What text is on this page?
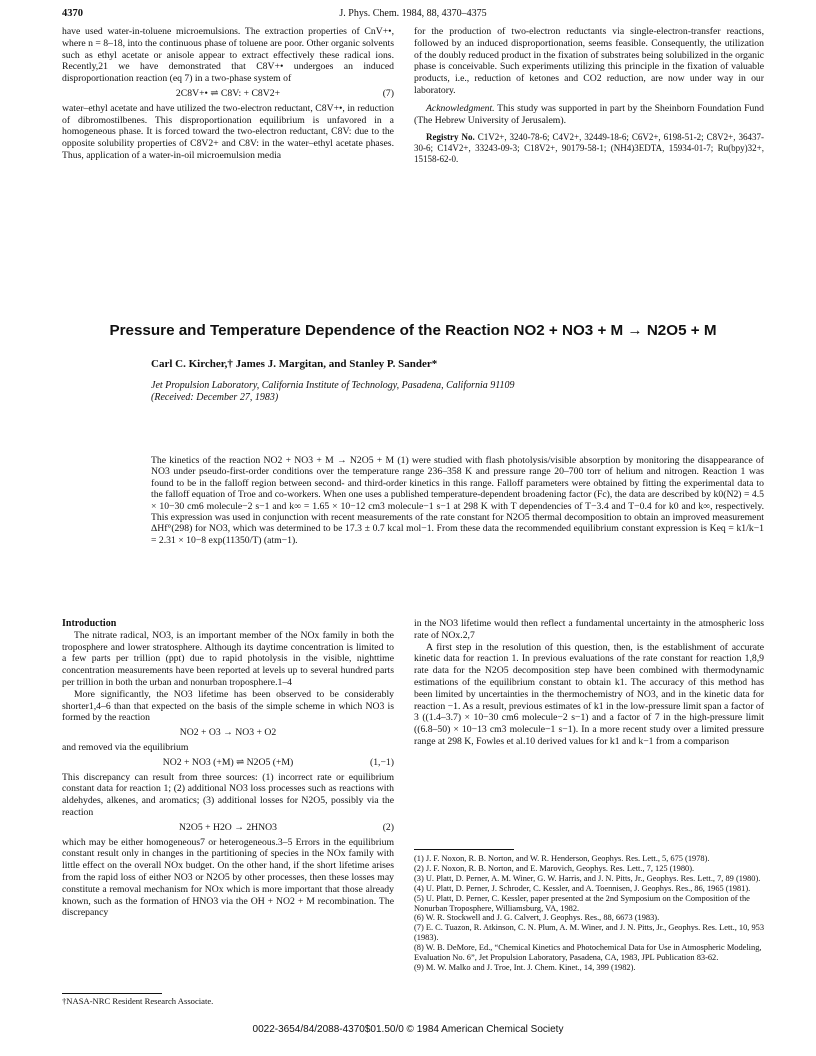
4370	J. Phys. Chem. 1984, 88, 4370–4375

have used water-in-toluene microemulsions. The extraction properties of CnV+•, where n = 8–18, into the continuous phase of toluene are poor. Other organic solvents such as ethyl acetate or anisole appear to extract effectively these radical ions. Recently,21 we have demonstrated that C8V+• undergoes an induced disproportionation reaction (eq 7) in a two-phase system of

2C8V+• ⇌ C8V: + C8V2+	(7)

water–ethyl acetate and have utilized the two-electron reductant, C8V+•, in reduction of dibromostilbenes. This disproportionation equilibrium is unfavored in a homogeneous phase. It is forced toward the two-electron reductant, C8V: due to the opposite solubility properties of C8V2+ and C8V: in the water–ethyl acetate phases. Thus, application of a water-in-oil microemulsion media

for the production of two-electron reductants via single-electron-transfer reactions, followed by an induced disproportionation, seems feasible. Consequently, the utilization of the doubly reduced product in the fixation of substrates being solubilized in the organic phase is conceivable. Such experiments utilizing this principle in the fixation of valuable products, i.e., reduction of ketones and CO2 reduction, are now under way in our laboratory.

Acknowledgment. This study was supported in part by the Sheinborn Foundation Fund (The Hebrew University of Jerusalem).

Registry No. C1V2+, 3240-78-6; C4V2+, 32449-18-6; C6V2+, 6198-51-2; C8V2+, 36437-30-6; C14V2+, 33243-09-3; C18V2+, 90179-58-1; (NH4)3EDTA, 15934-01-7; Ru(bpy)32+, 15158-62-0.

Pressure and Temperature Dependence of the Reaction NO2 + NO3 + M → N2O5 + M
Carl C. Kircher,† James J. Margitan, and Stanley P. Sander*
Jet Propulsion Laboratory, California Institute of Technology, Pasadena, California 91109
(Received: December 27, 1983)
The kinetics of the reaction NO2 + NO3 + M → N2O5 + M (1) were studied with flash photolysis/visible absorption by monitoring the disappearance of NO3 under pseudo-first-order conditions over the temperature range 236–358 K and pressure range 20–700 torr of helium and nitrogen. Reaction 1 was found to be in the falloff region between second- and third-order kinetics in this range. Falloff parameters were obtained by fitting the experimental data to the falloff equation of Troe and co-workers. When one uses a published temperature-dependent broadening factor (Fc), the data are described by k0(N2) = 4.5 × 10−30 cm6 molecule−2 s−1 and k∞ = 1.65 × 10−12 cm3 molecule−1 s−1 at 298 K with T dependencies of T−3.4 and T−0.4 for k0 and k∞, respectively. This expression was used in conjunction with recent measurements of the rate constant for N2O5 thermal decomposition to obtain an improved measurement ΔHf°(298) for NO3, which was determined to be 17.3 ± 0.7 kcal mol−1. From these data the recommended equilibrium constant expression is Keq = k1/k−1 = 2.31 × 10−8 exp(11350/T) (atm−1).
Introduction

The nitrate radical, NO3, is an important member of the NOx family in both the troposphere and lower stratosphere. Although its daytime concentration is limited to a few parts per trillion (ppt) due to rapid photolysis in the visible, nighttime concentration measurements have been reported at levels up to several hundred parts per trillion in both the urban and nonurban troposphere.1–4

More significantly, the NO3 lifetime has been observed to be considerably shorter1,4–6 than that expected on the basis of the simple scheme in which NO3 is formed by the reaction

NO2 + O3 → NO3 + O2

and removed via the equilibrium

NO2 + NO3 (+M) ⇌ N2O5 (+M)	(1,−1)

This discrepancy can result from three sources: (1) incorrect rate or equilibrium constant data for reaction 1; (2) additional NO3 loss processes such as reactions with aldehydes, alkenes, and aromatics; (3) additional losses for N2O5, possibly via the reaction

N2O5 + H2O → 2HNO3	(2)

which may be either homogeneous7 or heterogeneous.3–5 Errors in the equilibrium constant result only in changes in the partitioning of species in the NOx family with little effect on the overall NOx budget. On the other hand, if the short lifetime arises from the rapid loss of either NO3 or N2O5 by other processes, then these losses may constitute a removal mechanism for NOx which is more important that those already known, such as the formation of HNO3 via the OH + NO2 + M recombination. The discrepancy

†NASA-NRC Resident Research Associate.

in the NO3 lifetime would then reflect a fundamental uncertainty in the atmospheric loss rate of NOx.2,7

A first step in the resolution of this question, then, is the establishment of accurate kinetic data for reaction 1. In previous evaluations of the rate constant for reaction 1,8,9 rate data for the N2O5 decomposition step have been combined with thermodynamic estimations of the equilibrium constant to obtain k1. The accuracy of this method has been limited by uncertainties in the thermochemistry of NO3, and in the kinetic data for reaction −1. As a result, previous estimates of k1 in the low-pressure limit span a factor of 3 ((1.4–3.7) × 10−30 cm6 molecule−2 s−1) and a factor of 7 in the high-pressure limit ((6.8–50) × 10−13 cm3 molecule−1 s−1). In a more recent study over a limited pressure range at 298 K, Fowles et al.10 derived values for k1 and k−1 from a comparison

(1) J. F. Noxon, R. B. Norton, and W. R. Henderson, Geophys. Res. Lett., 5, 675 (1978).

(2) J. F. Noxon, R. B. Norton, and E. Marovich, Geophys. Res. Lett., 7, 125 (1980).

(3) U. Platt, D. Perner, A. M. Winer, G. W. Harris, and J. N. Pitts, Jr., Geophys. Res. Lett., 7, 89 (1980).

(4) U. Platt, D. Perner, J. Schroder, C. Kessler, and A. Toennisen, J. Geophys. Res., 86, 1965 (1981).

(5) U. Platt, D. Perner, C. Kessler, paper presented at the 2nd Symposium on the Composition of the Nonurban Troposphere, Williamsburg, VA, 1982.

(6) W. R. Stockwell and J. G. Calvert, J. Geophys. Res., 88, 6673 (1983).

(7) E. C. Tuazon, R. Atkinson, C. N. Plum, A. M. Winer, and J. N. Pitts, Jr., Geophys. Res. Lett., 10, 953 (1983).

(8) W. B. DeMore, Ed., “Chemical Kinetics and Photochemical Data for Use in Atmospheric Modeling, Evaluation No. 6”, Jet Propulsion Laboratory, Pasadena, CA, 1983, JPL Publication 83-62.

(9) M. W. Malko and J. Troe, Int. J. Chem. Kinet., 14, 399 (1982).

0022-3654/84/2088-4370$01.50/0 © 1984 American Chemical Society
